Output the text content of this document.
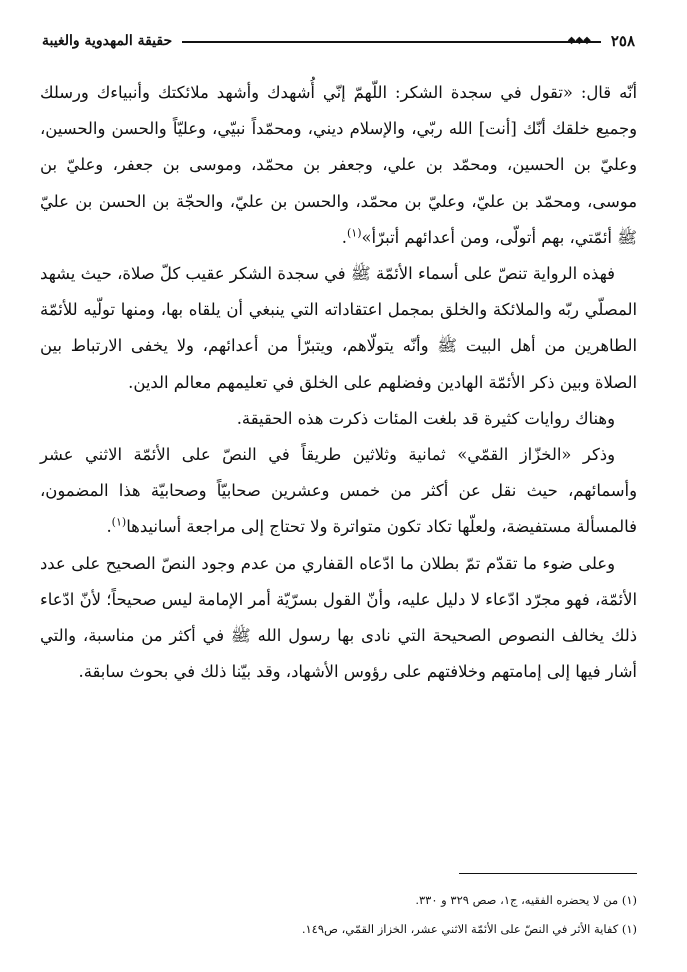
٢٥٨
◆◆◆
حقيقة المهدوية والغيبة

أنّه قال: «تقول في سجدة الشكر: اللّهمّ إنّي أُشهدك وأشهد ملائكتك وأنبياءك ورسلك وجميع خلقك أنّك [أنت] الله ربّي، والإسلام ديني، ومحمّداً نبيّي، وعليّاً والحسن والحسين، وعليّ بن الحسين، ومحمّد بن علي، وجعفر بن محمّد، وموسى بن جعفر، وعليّ بن موسى، ومحمّد بن عليّ، وعليّ بن محمّد، والحسن بن عليّ، والحجّة بن الحسن بن عليّ ﷺ أئمّتي، بهم أتولّى، ومن أعدائهم أتبرّأ»$^{(١)}$.

فهذه الرواية تنصّ على أسماء الأئمّة ﷺ في سجدة الشكر عقيب كلّ صلاة، حيث يشهد المصلّي ربّه والملائكة والخلق بمجمل اعتقاداته التي ينبغي أن يلقاه بها، ومنها تولّيه للأئمّة الطاهرين من أهل البيت ﷺ وأنّه يتولّاهم، ويتبرّأ من أعدائهم، ولا يخفى الارتباط بين الصلاة وبين ذكر الأئمّة الهادين وفضلهم على الخلق في تعليمهم معالم الدين.

وهناك روايات كثيرة قد بلغت المئات ذكرت هذه الحقيقة.

وذكر «الخزّاز القمّي» ثمانية وثلاثين طريقاً في النصّ على الأئمّة الاثني عشر وأسمائهم، حيث نقل عن أكثر من خمس وعشرين صحابيّاً وصحابيّة هذا المضمون، فالمسألة مستفيضة، ولعلّها تكاد تكون متواترة ولا تحتاج إلى مراجعة أسانيدها$^{(١)}$.

وعلى ضوء ما تقدّم تمّ بطلان ما ادّعاه القفاري من عدم وجود النصّ الصحيح على عدد الأئمّة، فهو مجرّد ادّعاء لا دليل عليه، وأنّ القول بسرّيّة أمر الإمامة ليس صحيحاً؛ لأنّ ادّعاء ذلك يخالف النصوص الصحيحة التي نادى بها رسول الله ﷺ في أكثر من مناسبة، والتي أشار فيها إلى إمامتهم وخلافتهم على رؤوس الأشهاد، وقد بيّنا ذلك في بحوث سابقة.

(١) من لا يحضره الفقيه، ج١، صص ٣٢٩ و ٣٣٠.

(١) كفاية الأثر في النصّ على الأئمّة الاثني عشر، الخزاز القمّي، ص١٤٩.
